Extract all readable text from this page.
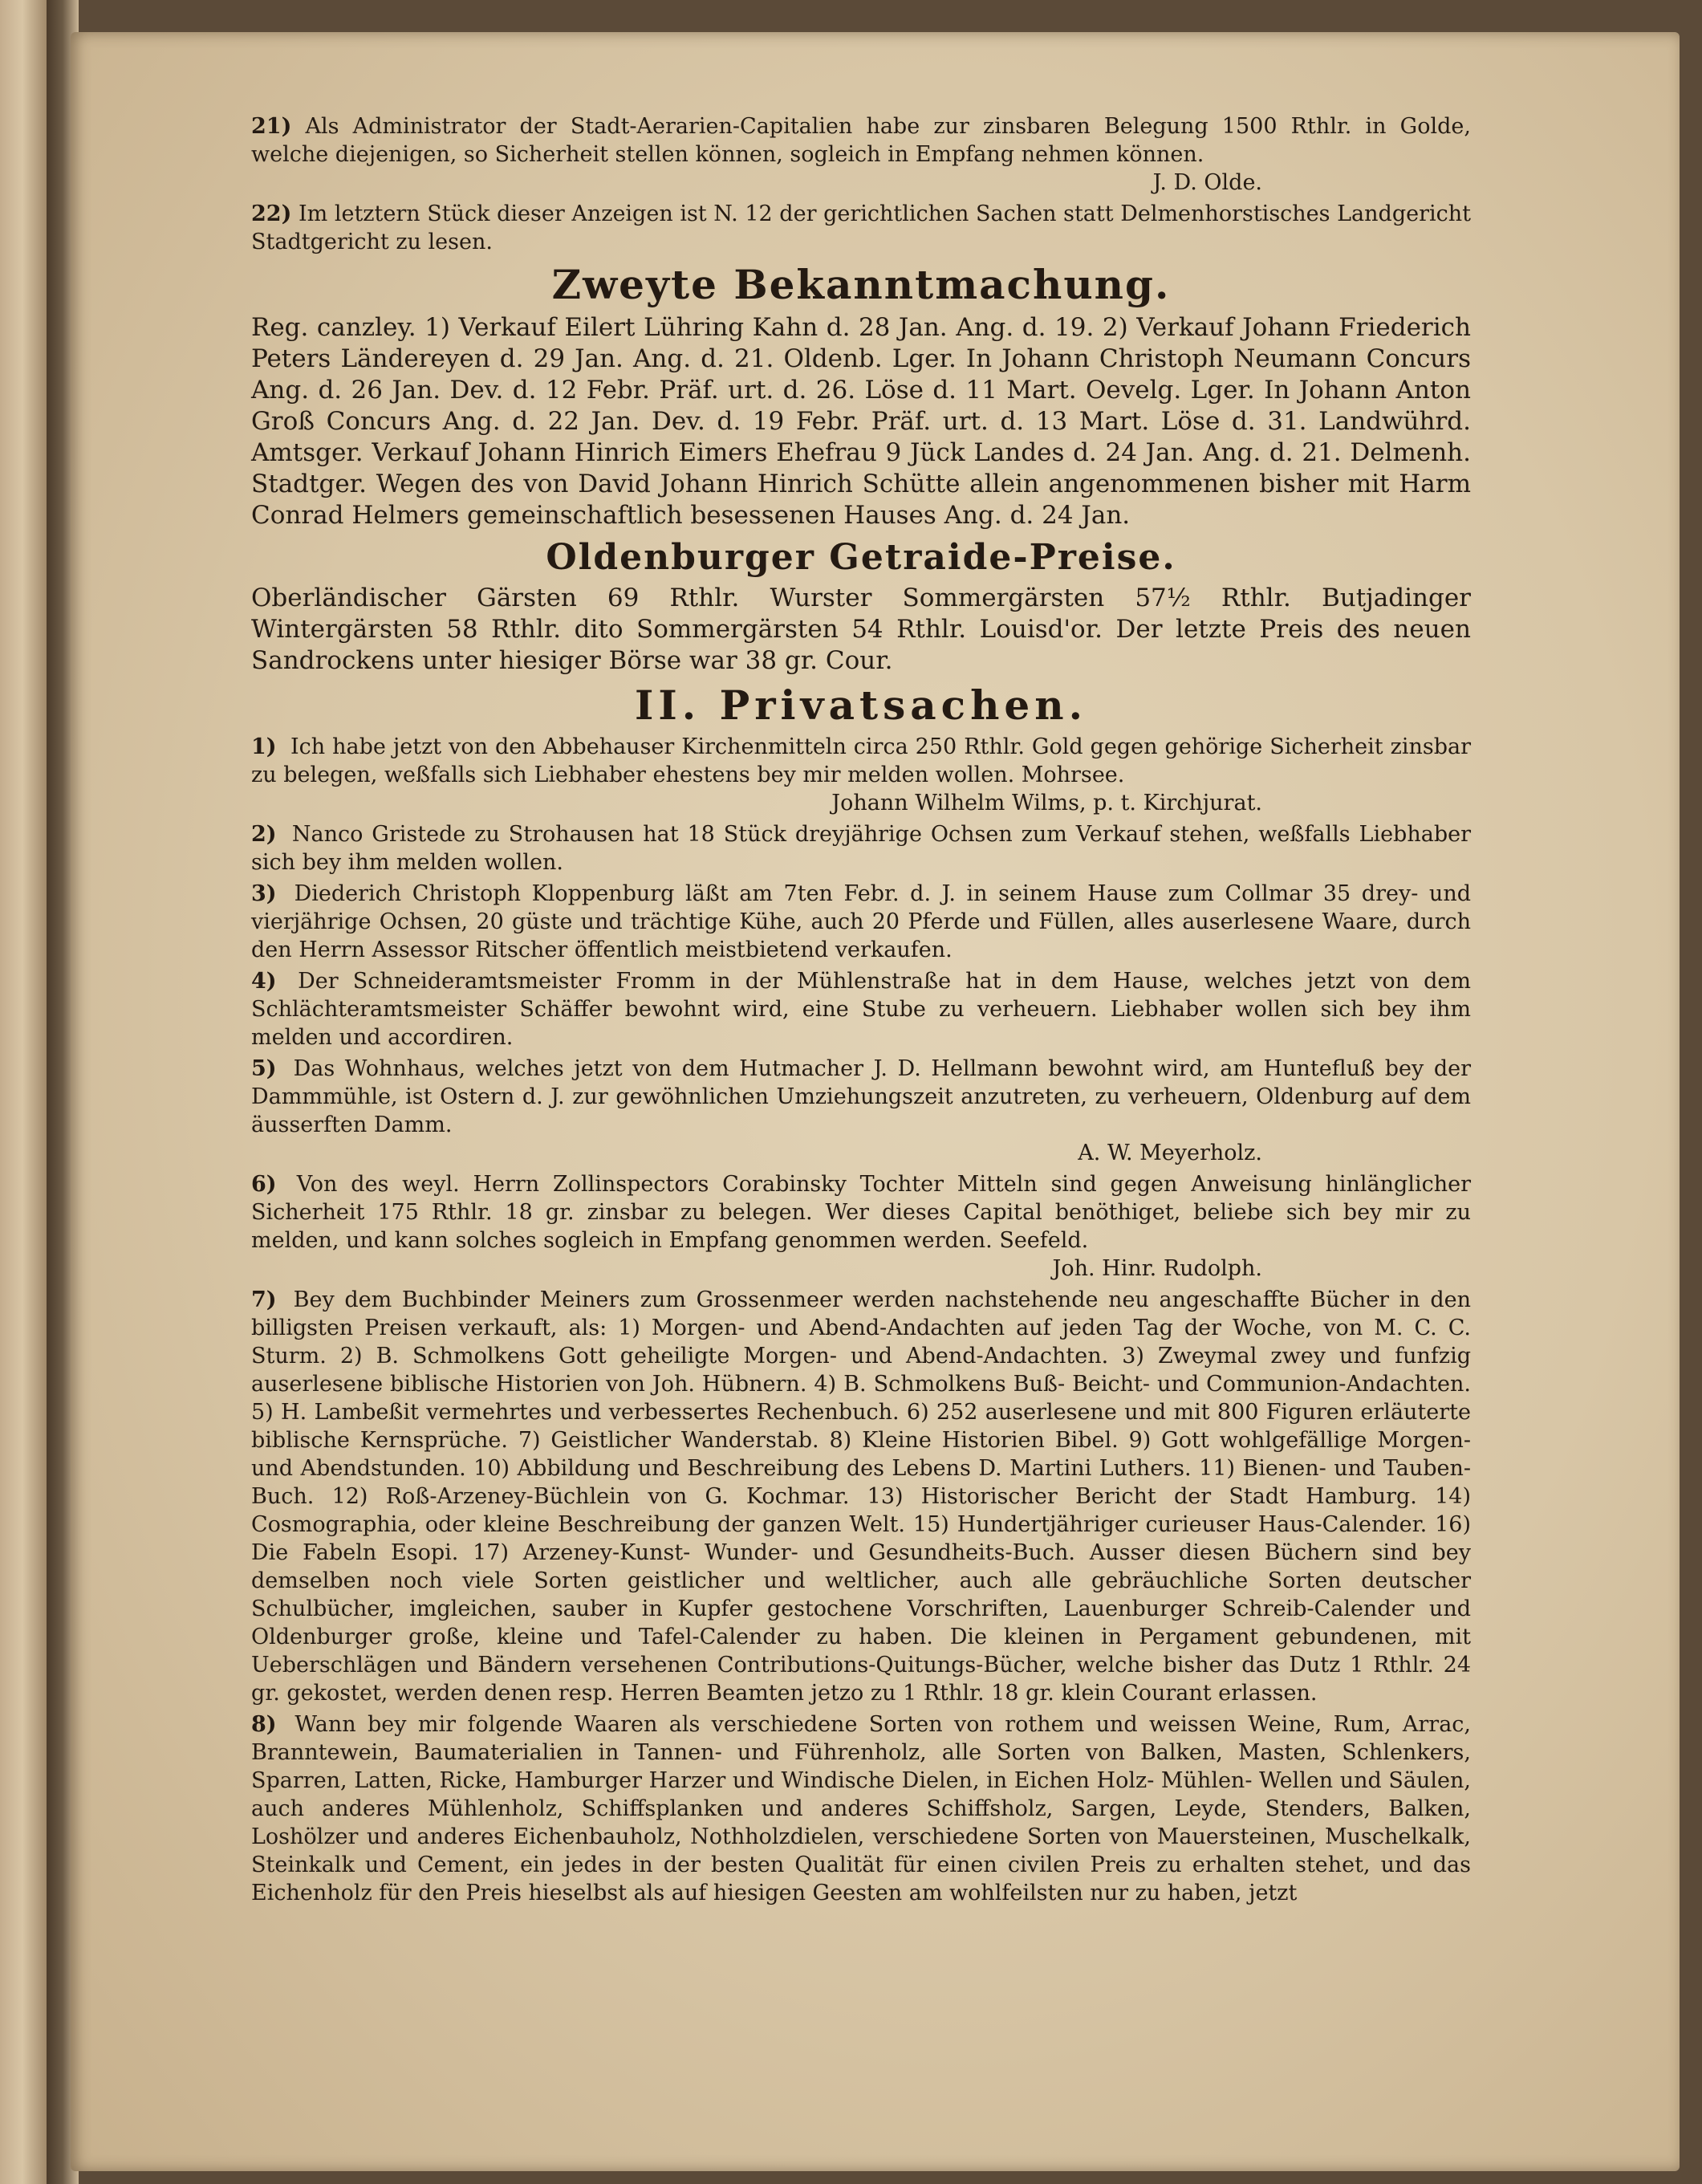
21) Als Administrator der Stadt-Aerarien-Capitalien habe zur zinsbaren Belegung 1500 Rthlr. in Golde, welche diejenigen, so Sicherheit stellen können, sogleich in Empfang nehmen können.
J. D. Olde.

22) Im letztern Stück dieser Anzeigen ist N. 12 der gerichtlichen Sachen statt Delmenhorstisches Landgericht Stadtgericht zu lesen.

Zweyte Bekanntmachung.

Reg. canzley. 1) Verkauf Eilert Lühring Kahn d. 28 Jan. Ang. d. 19. 2) Verkauf Johann Friederich Peters Ländereyen d. 29 Jan. Ang. d. 21. Oldenb. Lger. In Johann Christoph Neumann Concurs Ang. d. 26 Jan. Dev. d. 12 Febr. Präf. urt. d. 26. Löse d. 11 Mart. Oevelg. Lger. In Johann Anton Groß Concurs Ang. d. 22 Jan. Dev. d. 19 Febr. Präf. urt. d. 13 Mart. Löse d. 31. Landwührd. Amtsger. Verkauf Johann Hinrich Eimers Ehefrau 9 Jück Landes d. 24 Jan. Ang. d. 21. Delmenh. Stadtger. Wegen des von David Johann Hinrich Schütte allein angenommenen bisher mit Harm Conrad Helmers gemeinschaftlich besessenen Hauses Ang. d. 24 Jan.

Oldenburger Getraide-Preise.

Oberländischer Gärsten 69 Rthlr. Wurster Sommergärsten 57½ Rthlr. Butjadinger Wintergärsten 58 Rthlr. dito Sommergärsten 54 Rthlr. Louisd'or. Der letzte Preis des neuen Sandrockens unter hiesiger Börse war 38 gr. Cour.

II. Privatsachen.

1) Ich habe jetzt von den Abbehauser Kirchenmitteln circa 250 Rthlr. Gold gegen gehörige Sicherheit zinsbar zu belegen, weßfalls sich Liebhaber ehestens bey mir melden wollen. Mohrsee.
Johann Wilhelm Wilms, p. t. Kirchjurat.

2) Nanco Gristede zu Strohausen hat 18 Stück dreyjährige Ochsen zum Verkauf stehen, weßfalls Liebhaber sich bey ihm melden wollen.

3) Diederich Christoph Kloppenburg läßt am 7ten Febr. d. J. in seinem Hause zum Collmar 35 drey- und vierjährige Ochsen, 20 güste und trächtige Kühe, auch 20 Pferde und Füllen, alles auserlesene Waare, durch den Herrn Assessor Ritscher öffentlich meistbietend verkaufen.

4) Der Schneideramtsmeister Fromm in der Mühlenstraße hat in dem Hause, welches jetzt von dem Schlächteramtsmeister Schäffer bewohnt wird, eine Stube zu verheuern. Liebhaber wollen sich bey ihm melden und accordiren.

5) Das Wohnhaus, welches jetzt von dem Hutmacher J. D. Hellmann bewohnt wird, am Huntefluß bey der Dammmühle, ist Ostern d. J. zur gewöhnlichen Umziehungszeit anzutreten, zu verheuern, Oldenburg auf dem äusserften Damm.
A. W. Meyerholz.

6) Von des weyl. Herrn Zollinspectors Corabinsky Tochter Mitteln sind gegen Anweisung hinlänglicher Sicherheit 175 Rthlr. 18 gr. zinsbar zu belegen. Wer dieses Capital benöthiget, beliebe sich bey mir zu melden, und kann solches sogleich in Empfang genommen werden. Seefeld.
Joh. Hinr. Rudolph.

7) Bey dem Buchbinder Meiners zum Grossenmeer werden nachstehende neu angeschaffte Bücher in den billigsten Preisen verkauft, als: 1) Morgen- und Abend-Andachten auf jeden Tag der Woche, von M. C. C. Sturm. 2) B. Schmolkens Gott geheiligte Morgen- und Abend-Andachten. 3) Zweymal zwey und funfzig auserlesene biblische Historien von Joh. Hübnern. 4) B. Schmolkens Buß- Beicht- und Communion-Andachten. 5) H. Lambeßit vermehrtes und verbessertes Rechenbuch. 6) 252 auserlesene und mit 800 Figuren erläuterte biblische Kernsprüche. 7) Geistlicher Wanderstab. 8) Kleine Historien Bibel. 9) Gott wohlgefällige Morgen- und Abendstunden. 10) Abbildung und Beschreibung des Lebens D. Martini Luthers. 11) Bienen- und Tauben-Buch. 12) Roß-Arzeney-Büchlein von G. Kochmar. 13) Historischer Bericht der Stadt Hamburg. 14) Cosmographia, oder kleine Beschreibung der ganzen Welt. 15) Hundertjähriger curieuser Haus-Calender. 16) Die Fabeln Esopi. 17) Arzeney-Kunst- Wunder- und Gesundheits-Buch. Ausser diesen Büchern sind bey demselben noch viele Sorten geistlicher und weltlicher, auch alle gebräuchliche Sorten deutscher Schulbücher, imgleichen, sauber in Kupfer gestochene Vorschriften, Lauenburger Schreib-Calender und Oldenburger große, kleine und Tafel-Calender zu haben. Die kleinen in Pergament gebundenen, mit Ueberschlägen und Bändern versehenen Contributions-Quitungs-Bücher, welche bisher das Dutz 1 Rthlr. 24 gr. gekostet, werden denen resp. Herren Beamten jetzo zu 1 Rthlr. 18 gr. klein Courant erlassen.

8) Wann bey mir folgende Waaren als verschiedene Sorten von rothem und weissen Weine, Rum, Arrac, Branntewein, Baumaterialien in Tannen- und Führenholz, alle Sorten von Balken, Masten, Schlenkers, Sparren, Latten, Ricke, Hamburger Harzer und Windische Dielen, in Eichen Holz- Mühlen- Wellen und Säulen, auch anderes Mühlenholz, Schiffsplanken und anderes Schiffsholz, Sargen, Leyde, Stenders, Balken, Loshölzer und anderes Eichenbauholz, Nothholzdielen, verschiedene Sorten von Mauersteinen, Muschelkalk, Steinkalk und Cement, ein jedes in der besten Qualität für einen civilen Preis zu erhalten stehet, und das Eichenholz für den Preis hieselbst als auf hiesigen Geesten am wohlfeilsten nur zu haben, jetzt
